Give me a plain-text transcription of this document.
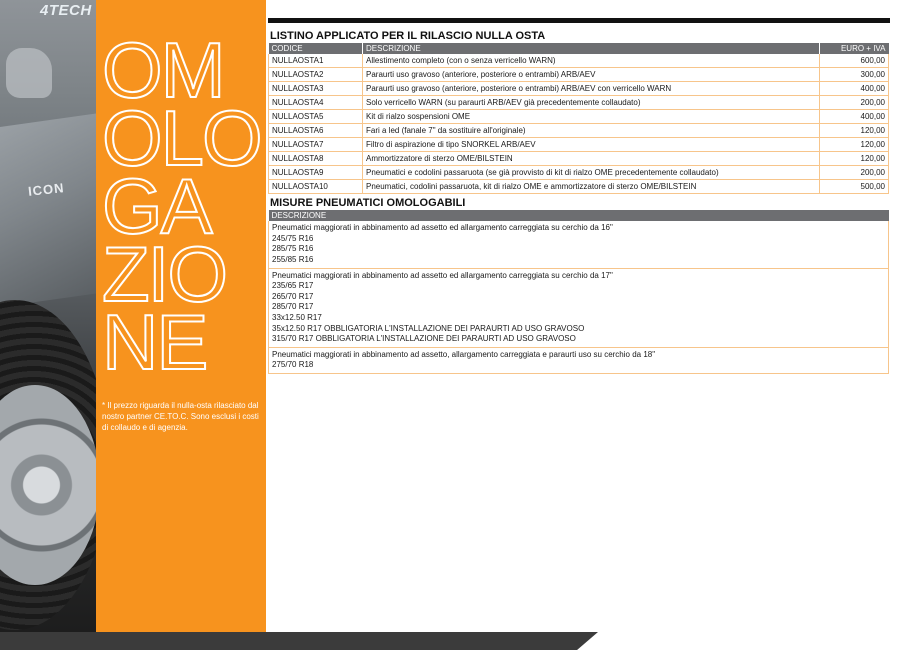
4TECH
ICON
OM
OLO
GA
ZIO
NE

* Il prezzo riguarda il nulla-osta rilasciato dal nostro partner CE.TO.C. Sono esclusi i costi di collaudo e di agenzia.

LISTINO APPLICATO PER IL RILASCIO NULLA OSTA
CODICE	DESCRIZIONE	EURO + IVA
NULLAOSTA1	Allestimento completo (con o senza verricello WARN)	600,00
NULLAOSTA2	Paraurti uso gravoso (anteriore, posteriore o entrambi) ARB/AEV	300,00
NULLAOSTA3	Paraurti uso gravoso (anteriore, posteriore o entrambi) ARB/AEV con verricello WARN	400,00
NULLAOSTA4	Solo verricello WARN (su paraurti ARB/AEV già precedentemente collaudato)	200,00
NULLAOSTA5	Kit di rialzo sospensioni OME	400,00
NULLAOSTA6	Fari a led (fanale 7" da sostituire all'originale)	120,00
NULLAOSTA7	Filtro di aspirazione di tipo SNORKEL ARB/AEV	120,00
NULLAOSTA8	Ammortizzatore di sterzo OME/BILSTEIN	120,00
NULLAOSTA9	Pneumatici e codolini passaruota (se già provvisto di kit di rialzo OME precedentemente collaudato)	200,00
NULLAOSTA10	Pneumatici, codolini passaruota, kit di rialzo OME e ammortizzatore di sterzo OME/BILSTEIN	500,00
MISURE PNEUMATICI OMOLOGABILI
DESCRIZIONE

Pneumatici maggiorati in abbinamento ad assetto ed allargamento carreggiata su cerchio da 16"
245/75 R16
285/75 R16
255/85 R16

Pneumatici maggiorati in abbinamento ad assetto ed allargamento carreggiata su cerchio da 17"
235/65 R17
265/70 R17
285/70 R17
33x12.50 R17
35x12.50 R17 OBBLIGATORIA L'INSTALLAZIONE DEI PARAURTI AD USO GRAVOSO
315/70 R17 OBBLIGATORIA L'INSTALLAZIONE DEI PARAURTI AD USO GRAVOSO

Pneumatici maggiorati in abbinamento ad assetto, allargamento carreggiata e paraurti uso su cerchio da 18"
275/70 R18
